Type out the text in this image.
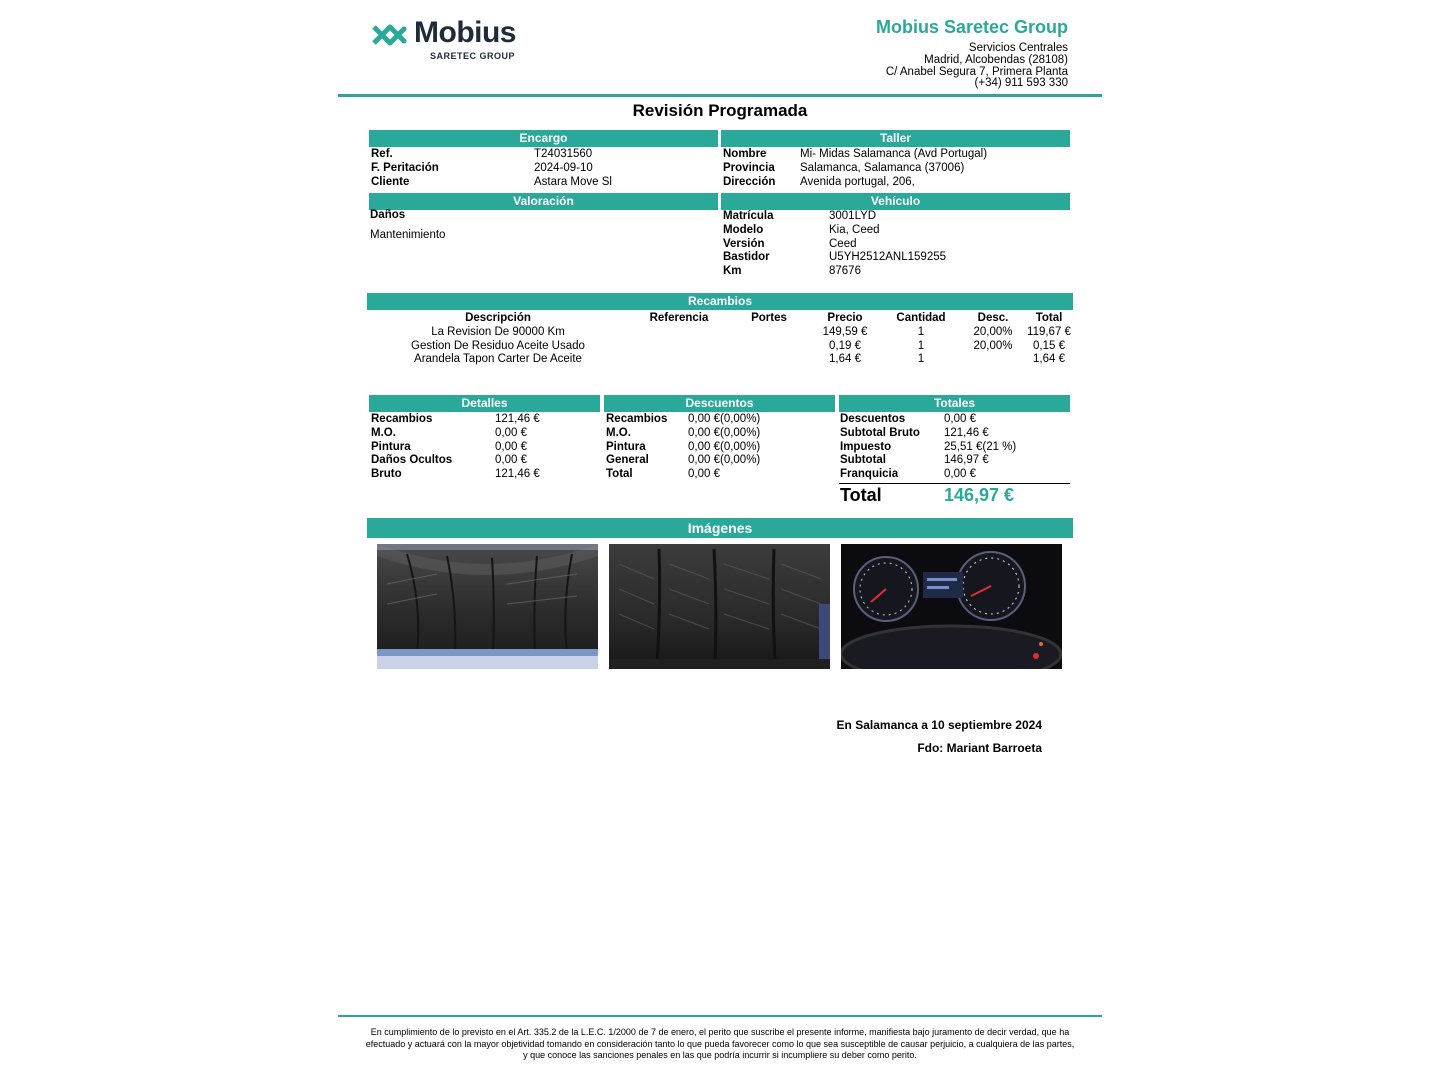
Mobius
SARETEC GROUP
Mobius Saretec Group
Servicios Centrales
Madrid, Alcobendas (28108)
C/ Anabel Segura 7, Primera Planta
(+34) 911 593 330
Revisión Programada
Encargo
Ref.	T24031560
F. Peritación	2024-09-10
Cliente	Astara Move Sl
Taller
Nombre	Mi- Midas Salamanca (Avd Portugal)
Provincia	Salamanca, Salamanca (37006)
Dirección	Avenida portugal, 206,
Valoración
Daños
Mantenimiento
Vehículo
Matrícula	3001LYD
Modelo	Kia, Ceed
Versión	Ceed
Bastidor	U5YH2512ANL159255
Km	87676
Recambios
Descripción	Referencia	Portes	Precio	Cantidad	Desc.	Total
La Revision De 90000 Km			149,59 €	1	20,00%	119,67 €
Gestion De Residuo Aceite Usado			0,19 €	1	20,00%	0,15 €
Arandela Tapon Carter De Aceite			1,64 €	1		1,64 €
Detalles
Recambios	121,46 €
M.O.	0,00 €
Pintura	0,00 €
Daños Ocultos	0,00 €
Bruto	121,46 €
Descuentos
Recambios	0,00 € (0,00%)
M.O.	0,00 € (0,00%)
Pintura	0,00 € (0,00%)
General	0,00 € (0,00%)
Total	0,00 €
Totales
Descuentos	0,00 €
Subtotal Bruto	121,46 €
Impuesto	25,51 €(21 %)
Subtotal	146,97 €
Franquicia	0,00 €
Total	146,97 €
Imágenes
En Salamanca a 10 septiembre 2024
Fdo: Mariant Barroeta
En cumplimiento de lo previsto en el Art. 335.2 de la L.E.C. 1/2000 de 7 de enero, el perito que suscribe el presente informe, manifiesta bajo juramento de decir verdad, que ha
efectuado y actuará con la mayor objetividad tomando en consideración tanto lo que pueda favorecer como lo que sea susceptible de causar perjuicio, a cualquiera de las partes,
y que conoce las sanciones penales en las que podría incurrir si incumpliere su deber como perito.
